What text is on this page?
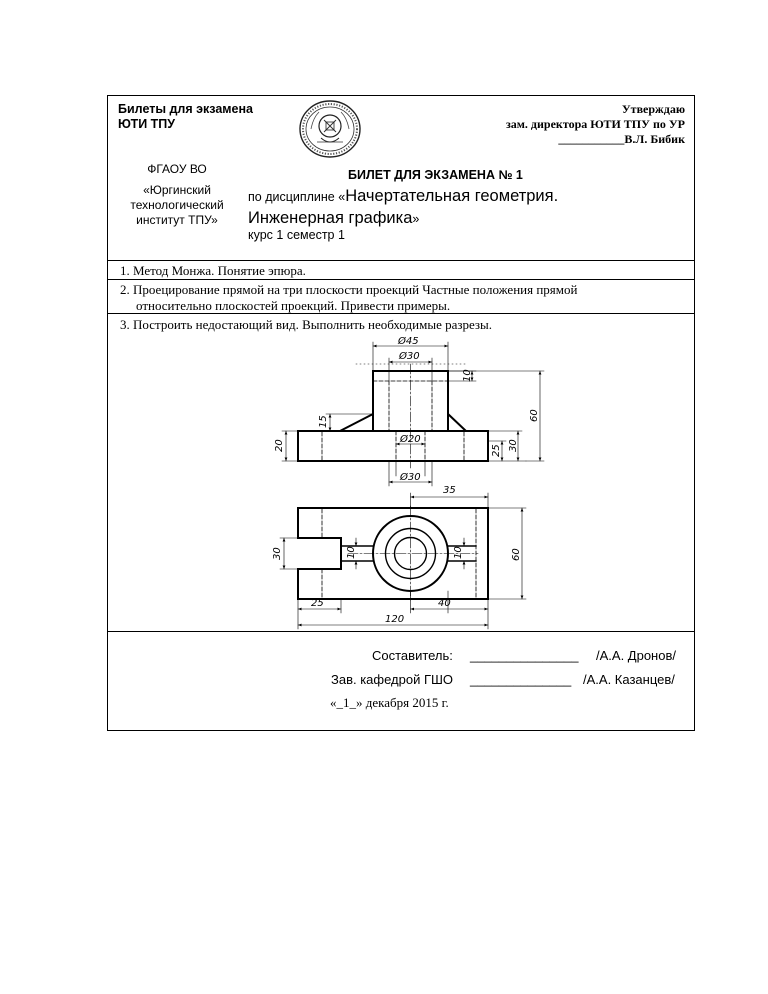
Билеты для экзамена
ЮТИ ТПУ
Утверждаю
зам. директора ЮТИ ТПУ по УР
___________В.Л. Бибик
ФГАОУ ВО
«Юргинский
технологический
институт ТПУ»
БИЛЕТ ДЛЯ ЭКЗАМЕНА № 1
по дисциплине «Начертательная геометрия.
Инженерная графика»
курс 1 семестр 1
1. Метод Монжа. Понятие эпюра.
2. Проецирование прямой на три плоскости проекций Частные положения прямой
относительно плоскостей проекций. Привести примеры.
3. Построить недостающий вид. Выполнить необходимые разрезы.
Ø45
Ø30
Ø20
Ø30
15
20
10
25 30
60
35
30	10	10	60
25	40
120
Составитель: _______________ /А.А. Дронов/
Зав. кафедрой ГШО ______________ /А.А. Казанцев/
«_1_» декабря 2015 г.
